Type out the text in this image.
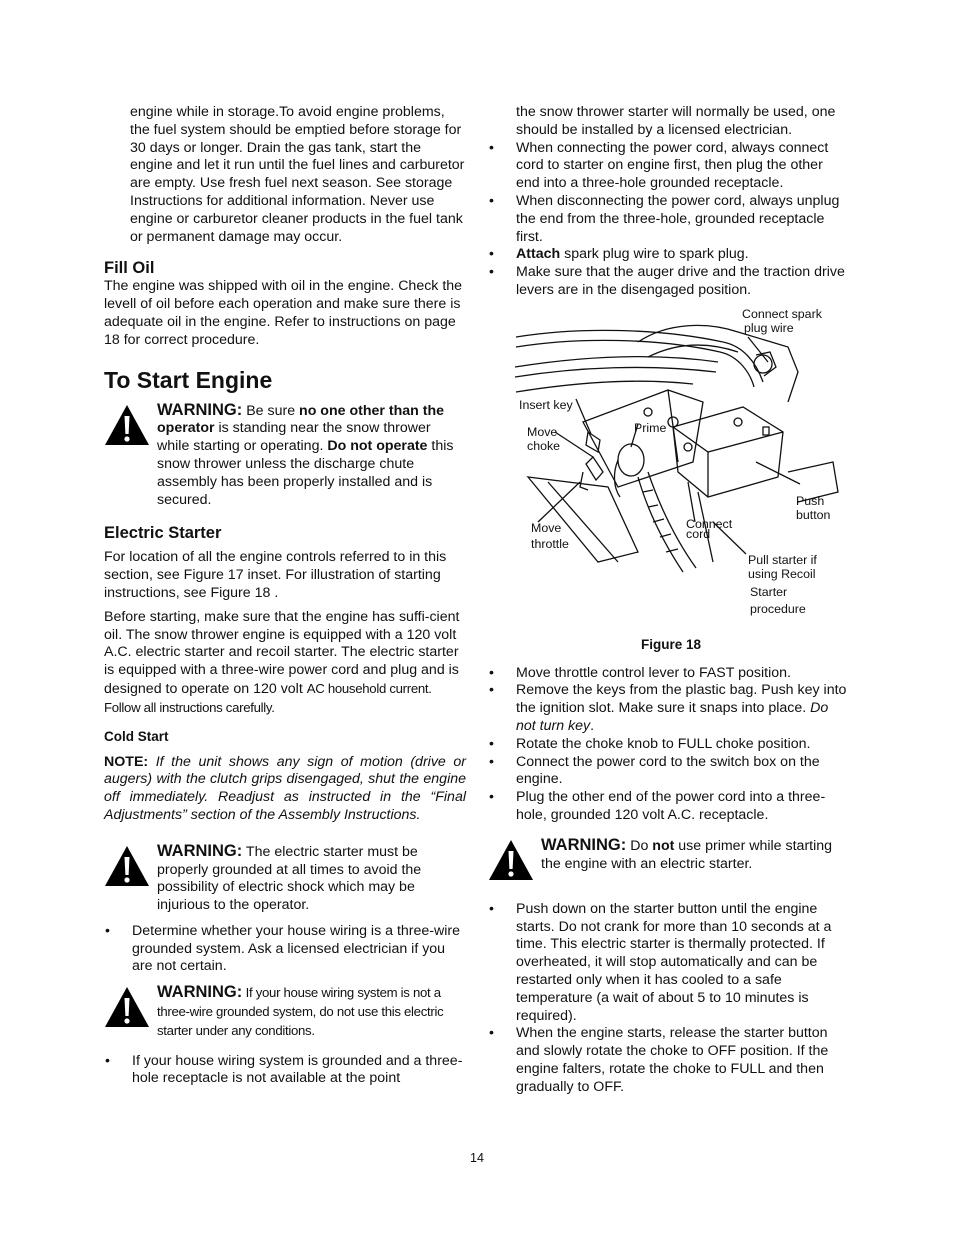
engine while in storage.To avoid engine problems, the fuel system should be emptied before storage for 30 days or longer. Drain the gas tank, start the engine and let it run until the fuel lines and carburetor are empty. Use fresh fuel next season. See storage Instructions for additional information. Never use engine or carburetor cleaner products in the fuel tank or permanent damage may occur.

Fill Oil

The engine was shipped with oil in the engine. Check the levell of oil before each operation and make sure there is adequate oil in the engine. Refer to instructions on page 18 for correct procedure.

To Start Engine

WARNING: Be sure no one other than the operator is standing near the snow thrower while starting or operating. Do not operate this snow thrower unless the discharge chute assembly has been properly installed and is secured.

Electric Starter

For location of all the engine controls referred to in this section, see Figure 17 inset. For illustration of starting instructions, see Figure 18 .

Before starting, make sure that the engine has suffi-cient oil. The snow thrower engine is equipped with a 120 volt A.C. electric starter and recoil starter. The electric starter is equipped with a three-wire power cord and plug and is designed to operate on 120 volt AC household current. Follow all instructions carefully.

Cold Start

NOTE: If the unit shows any sign of motion (drive or augers) with the clutch grips disengaged, shut the engine off immediately. Readjust as instructed in the “Final Adjustments” section of the Assembly Instructions.

WARNING: The electric starter must be properly grounded at all times to avoid the possibility of electric shock which may be injurious to the operator.

• Determine whether your house wiring is a three-wire grounded system. Ask a licensed electrician if you are not certain.

WARNING: If your house wiring system is not a three-wire grounded system, do not use this electric starter under any conditions.

• If your house wiring system is grounded and a three-hole receptacle is not available at the point

the snow thrower starter will normally be used, one should be installed by a licensed electrician.

• When connecting the power cord, always connect cord to starter on engine first, then plug the other end into a three-hole grounded receptacle.
• When disconnecting the power cord, always unplug the end from the three-hole, grounded receptacle first.
• Attach spark plug wire to spark plug.
• Make sure that the auger drive and the traction drive levers are in the disengaged position.
Connect spark
plug wire
Insert key
Move
choke
Prime
Push
button
Connect
cord
Move
throttle
Pull starter if
using Recoil
Starter
procedure
Figure 18
• Move throttle control lever to FAST position.
• Remove the keys from the plastic bag. Push key into the ignition slot. Make sure it snaps into place. Do not turn key.
• Rotate the choke knob to FULL choke position.
• Connect the power cord to the switch box on the engine.
• Plug the other end of the power cord into a three-hole, grounded 120 volt A.C. receptacle.

WARNING: Do not use primer while starting the engine with an electric starter.

• Push down on the starter button until the engine starts. Do not crank for more than 10 seconds at a time. This electric starter is thermally protected. If overheated, it will stop automatically and can be restarted only when it has cooled to a safe temperature (a wait of about 5 to 10 minutes is required).
• When the engine starts, release the starter button and slowly rotate the choke to OFF position. If the engine falters, rotate the choke to FULL and then gradually to OFF.
14
